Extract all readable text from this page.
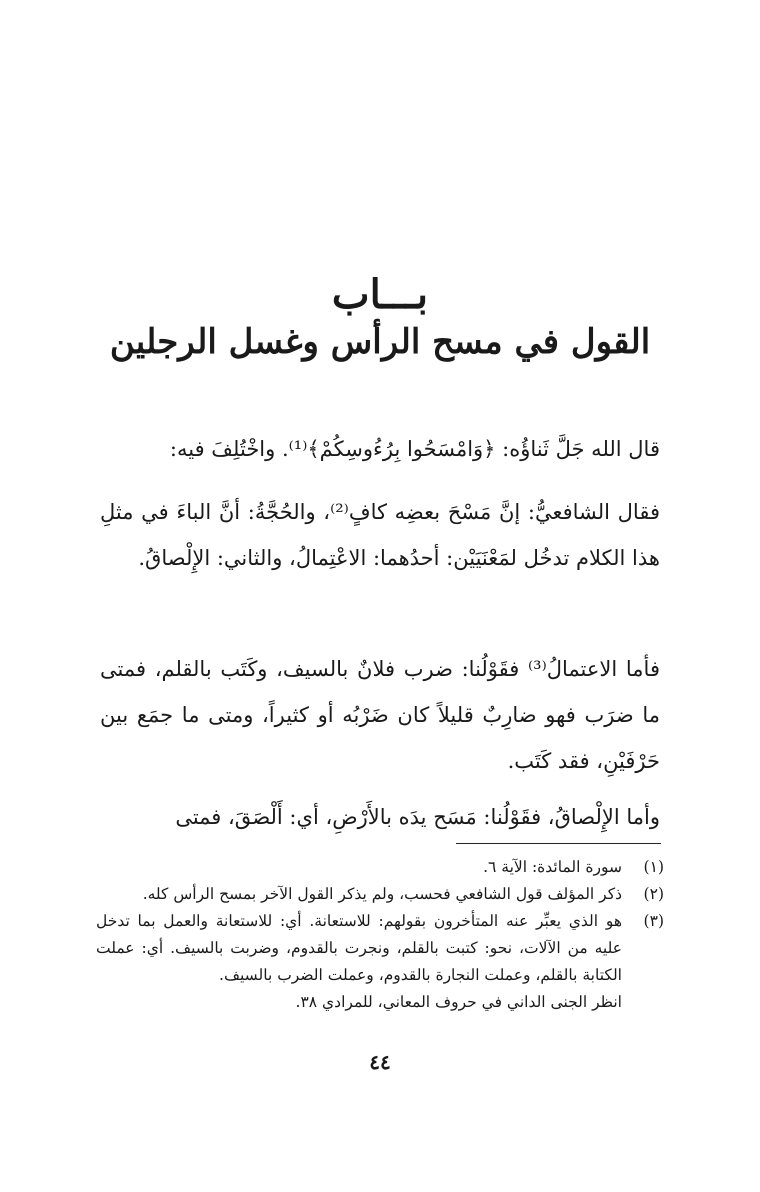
بـــاب
القول في مسح الرأس وغسل الرجلين

قال الله جَلَّ ثَناؤُه: ﴿وَامْسَحُوا بِرُءُوسِكُمْ﴾⁽¹⁾. واخْتُلِفَ فيه:

فقال الشافعيُّ: إنَّ مَسْحَ بعضِه كافٍ⁽²⁾، والحُجَّةُ: أنَّ الباءَ في مثلِ هذا الكلام تدخُل لمَعْنَيَيْن: أحدُهما: الاعْتِمالُ، والثاني: الإِلْصاقُ.

فأما الاعتمالُ⁽³⁾ فقَوْلُنا: ضرب فلانٌ بالسيف، وكَتَب بالقلم، فمتى ما ضرَب فهو ضارِبٌ قليلاً كان ضَرْبُه أو كثيراً، ومتى ما جمَع بين حَرْفَيْنِ، فقد كَتَب.

وأما الإِلْصاقُ، فقَوْلُنا: مَسَح يدَه بالأَرْضِ، أي: أَلْصَقَ، فمتى

(١)
سورة المائدة: الآية ٦.
(٢)
ذكر المؤلف قول الشافعي فحسب، ولم يذكر القول الآخر بمسح الرأس كله.
(٣)
هو الذي يعبِّر عنه المتأخرون بقولهم: للاستعانة. أي: للاستعانة والعمل بما تدخل عليه من الآلات، نحو: كتبت بالقلم، ونجرت بالقدوم، وضربت بالسيف. أي: عملت الكتابة بالقلم، وعملت النجارة بالقدوم، وعملت الضرب بالسيف.
انظر الجنى الداني في حروف المعاني، للمرادي ٣٨.
٤٤
